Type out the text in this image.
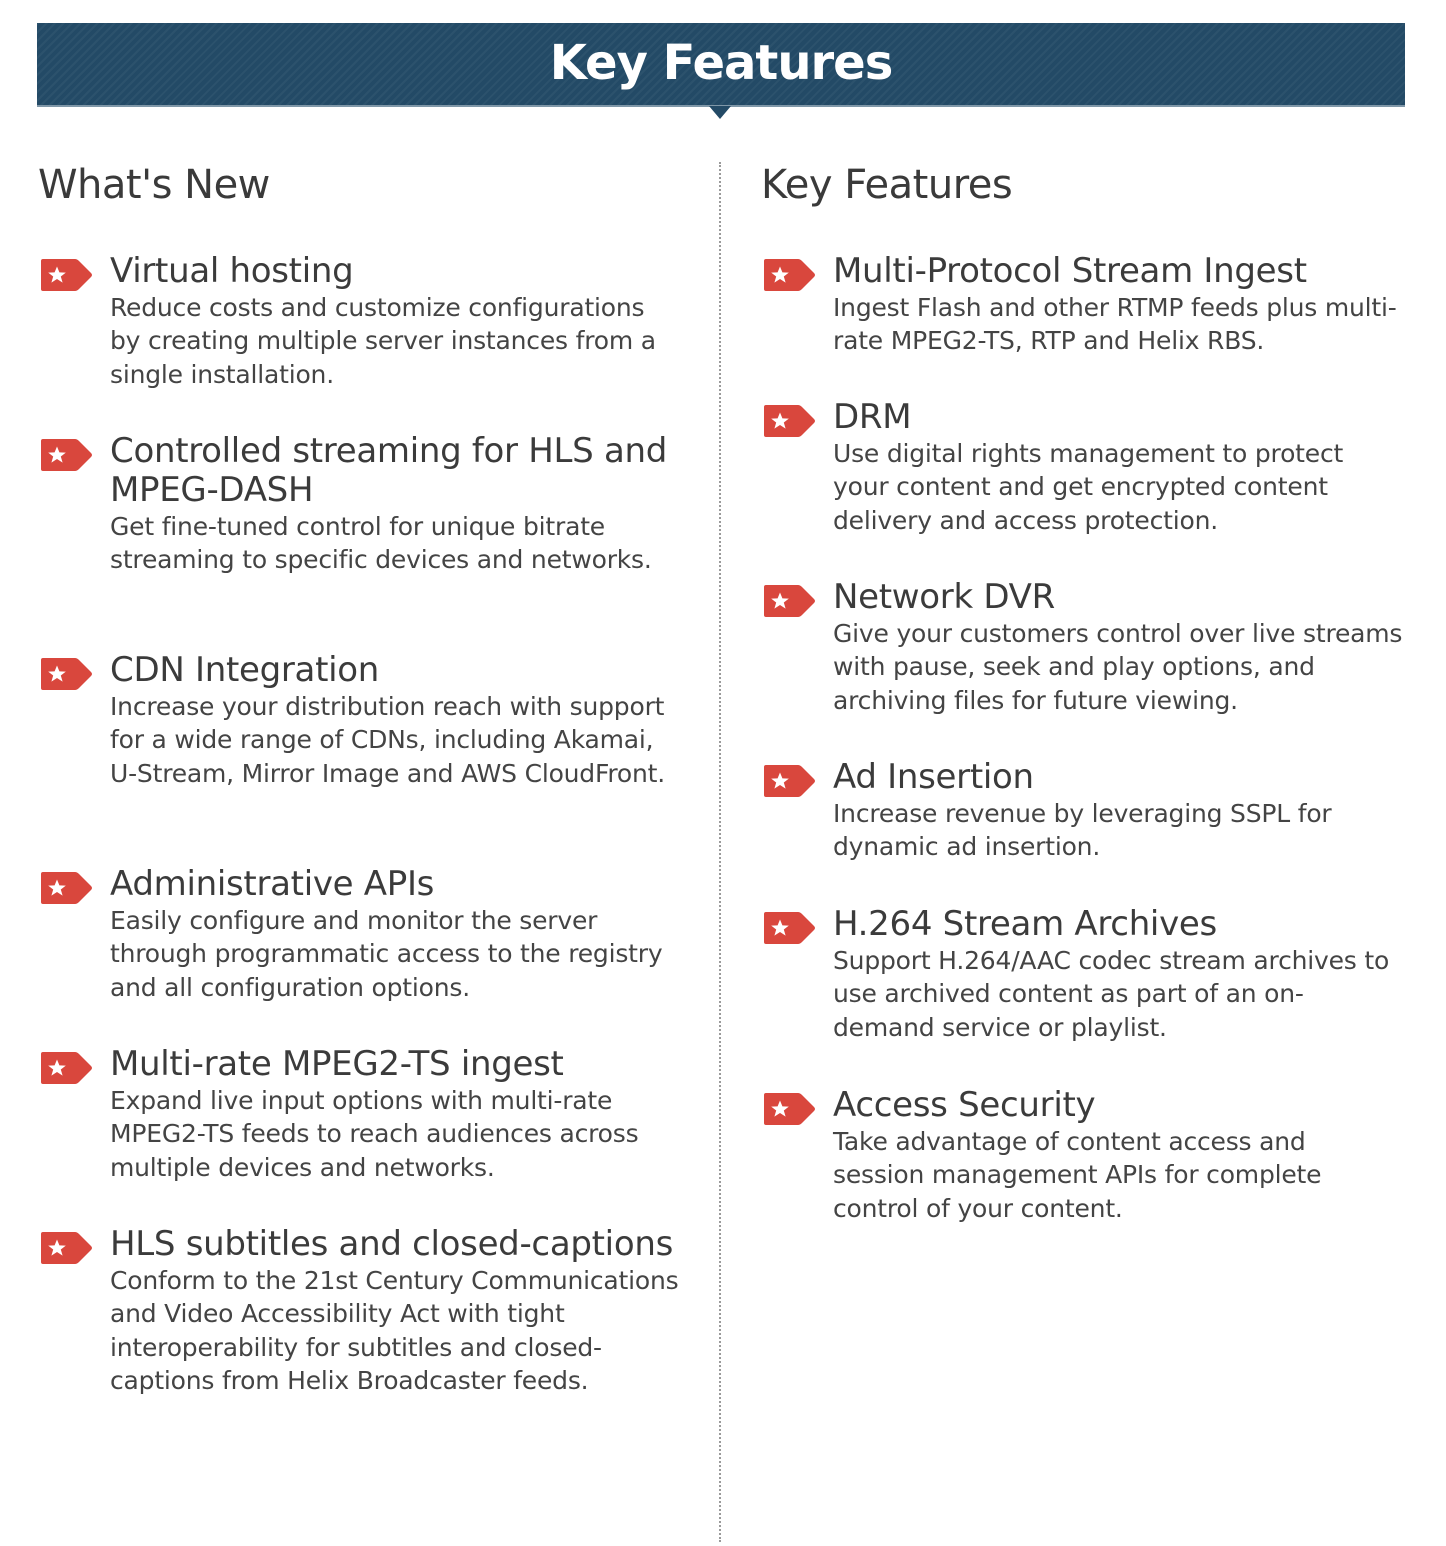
Key Features
What's New
Virtual hosting

Reduce costs and customize configurations by creating multiple server instances from a single installation.

Controlled streaming for HLS and MPEG-DASH

Get fine-tuned control for unique bitrate streaming to specific devices and networks.

CDN Integration

Increase your distribution reach with support for a wide range of CDNs, including Akamai, U-Stream, Mirror Image and AWS CloudFront.

Administrative APIs

Easily configure and monitor the server through programmatic access to the registry and all configuration options.

Multi-rate MPEG2-TS ingest

Expand live input options with multi-rate MPEG2-TS feeds to reach audiences across multiple devices and networks.

HLS subtitles and closed-captions

Conform to the 21st Century Communications and Video Accessibility Act with tight interoperability for subtitles and closed-captions from Helix Broadcaster feeds.

Key Features
Multi-Protocol Stream Ingest

Ingest Flash and other RTMP feeds plus multi-rate MPEG2-TS, RTP and Helix RBS.

DRM

Use digital rights management to protect your content and get encrypted content delivery and access protection.

Network DVR

Give your customers control over live streams with pause, seek and play options, and archiving files for future viewing.

Ad Insertion

Increase revenue by leveraging SSPL for dynamic ad insertion.

H.264 Stream Archives

Support H.264/AAC codec stream archives to use archived content as part of an on-demand service or playlist.

Access Security

Take advantage of content access and session management APIs for complete control of your content.
